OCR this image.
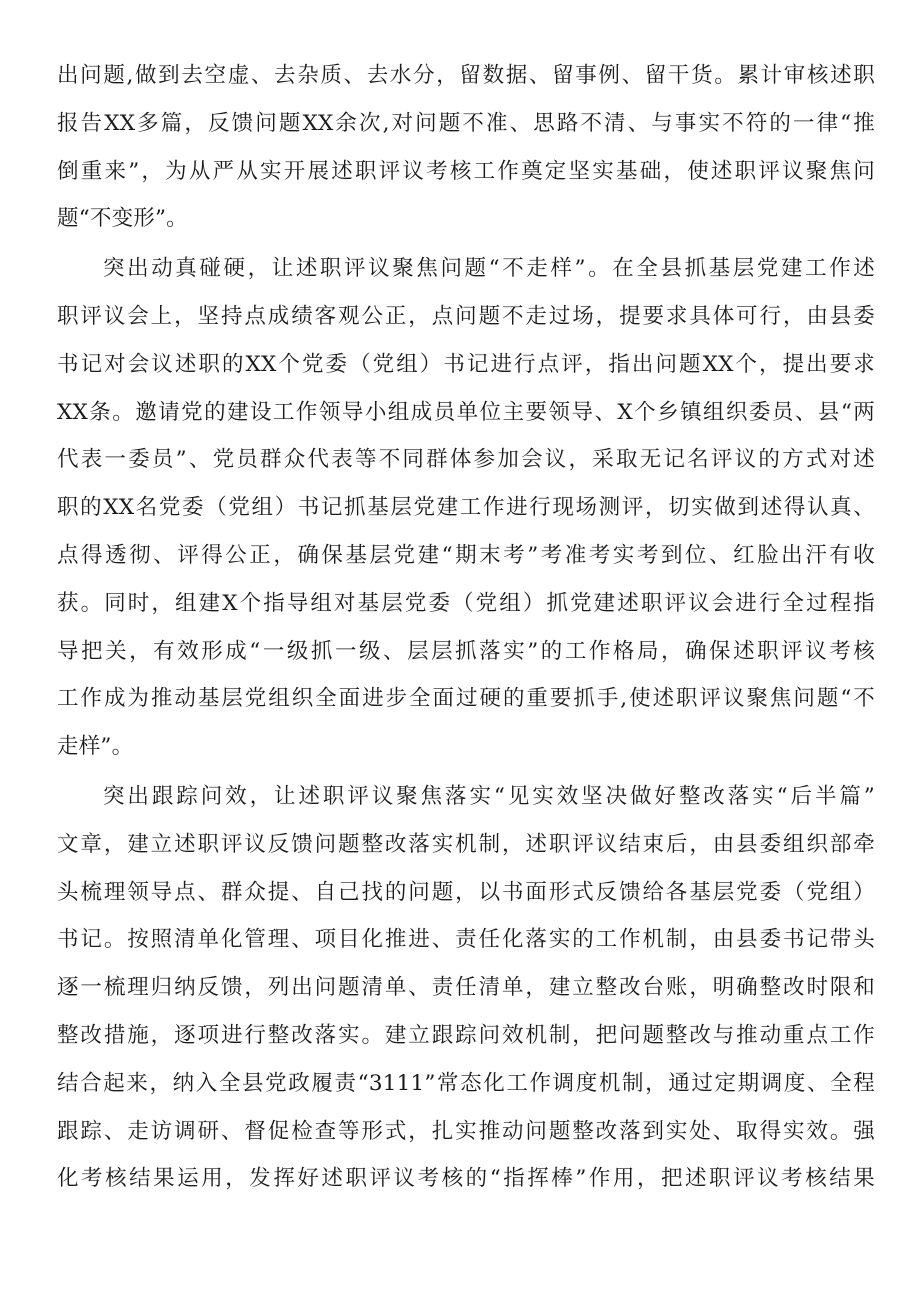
出问题,做到去空虚、去杂质、去水分，留数据、留事例、留干货。累计审核述职
报告XX多篇，反馈问题XX余次,对问题不准、思路不清、与事实不符的一律“推
倒重来”，为从严从实开展述职评议考核工作奠定坚实基础，使述职评议聚焦问
题“不变形”。
突出动真碰硬，让述职评议聚焦问题“不走样”。在全县抓基层党建工作述
职评议会上，坚持点成绩客观公正，点问题不走过场，提要求具体可行，由县委
书记对会议述职的XX个党委（党组）书记进行点评，指出问题XX个，提出要求
XX条。邀请党的建设工作领导小组成员单位主要领导、X个乡镇组织委员、县“两
代表一委员”、党员群众代表等不同群体参加会议，采取无记名评议的方式对述
职的XX名党委（党组）书记抓基层党建工作进行现场测评，切实做到述得认真、
点得透彻、评得公正，确保基层党建“期末考”考准考实考到位、红脸出汗有收
获。同时，组建X个指导组对基层党委（党组）抓党建述职评议会进行全过程指
导把关，有效形成“一级抓一级、层层抓落实”的工作格局，确保述职评议考核
工作成为推动基层党组织全面进步全面过硬的重要抓手,使述职评议聚焦问题“不
走样”。
突出跟踪问效，让述职评议聚焦落实“见实效坚决做好整改落实“后半篇”
文章，建立述职评议反馈问题整改落实机制，述职评议结束后，由县委组织部牵
头梳理领导点、群众提、自己找的问题，以书面形式反馈给各基层党委（党组）
书记。按照清单化管理、项目化推进、责任化落实的工作机制，由县委书记带头
逐一梳理归纳反馈，列出问题清单、责任清单，建立整改台账，明确整改时限和
整改措施，逐项进行整改落实。建立跟踪问效机制，把问题整改与推动重点工作
结合起来，纳入全县党政履责“3111”常态化工作调度机制，通过定期调度、全程
跟踪、走访调研、督促检查等形式，扎实推动问题整改落到实处、取得实效。强
化考核结果运用，发挥好述职评议考核的“指挥棒”作用，把述职评议考核结果
